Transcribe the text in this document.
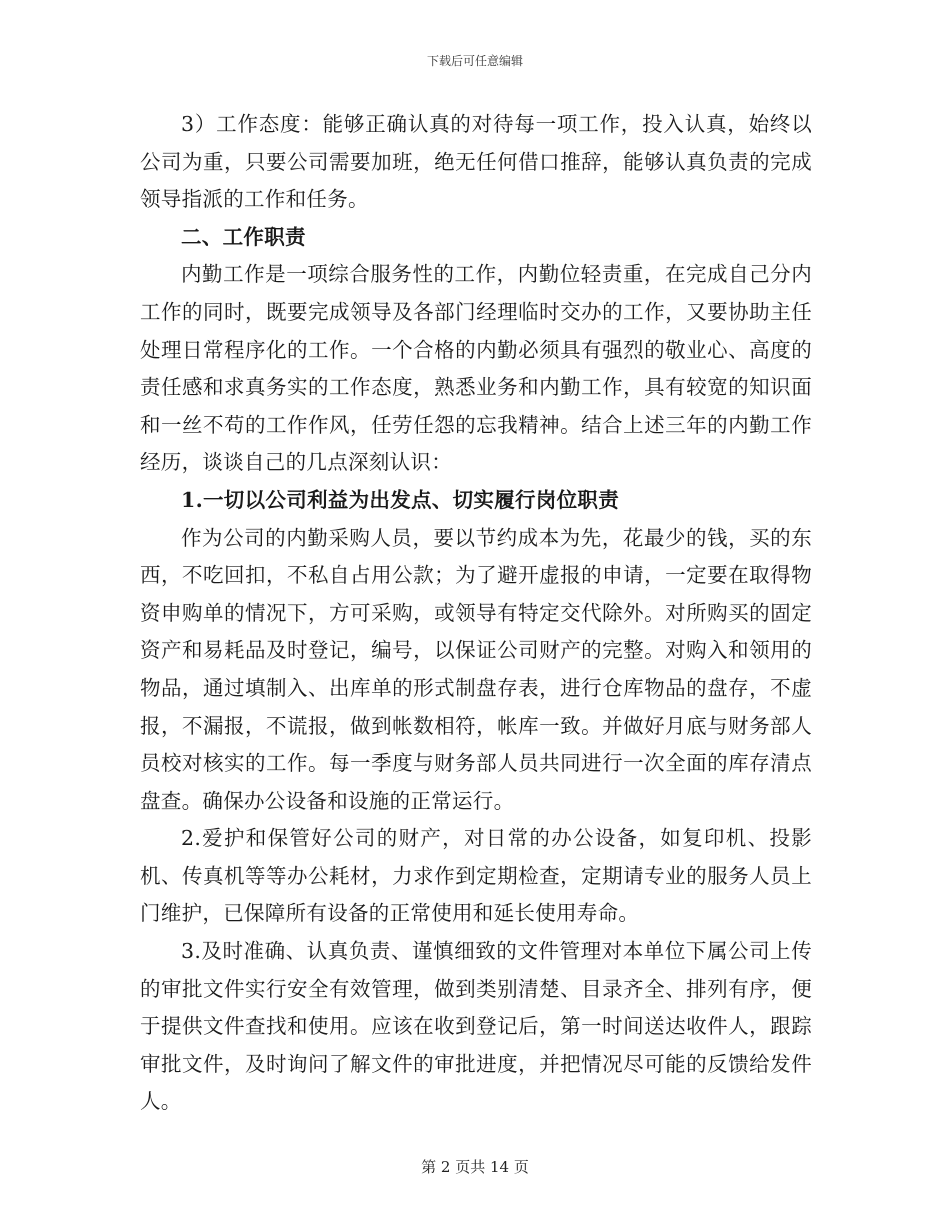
下载后可任意编辑

3）工作态度：能够正确认真的对待每一项工作，投入认真，始终以公司为重，只要公司需要加班，绝无任何借口推辞，能够认真负责的完成领导指派的工作和任务。

二、工作职责

内勤工作是一项综合服务性的工作，内勤位轻责重，在完成自己分内工作的同时，既要完成领导及各部门经理临时交办的工作，又要协助主任处理日常程序化的工作。一个合格的内勤必须具有强烈的敬业心、高度的责任感和求真务实的工作态度，熟悉业务和内勤工作，具有较宽的知识面和一丝不苟的工作作风，任劳任怨的忘我精神。结合上述三年的内勤工作经历，谈谈自己的几点深刻认识：

1.一切以公司利益为出发点、切实履行岗位职责

作为公司的内勤采购人员，要以节约成本为先，花最少的钱，买的东西，不吃回扣，不私自占用公款；为了避开虚报的申请，一定要在取得物资申购单的情况下，方可采购，或领导有特定交代除外。对所购买的固定资产和易耗品及时登记，编号，以保证公司财产的完整。对购入和领用的物品，通过填制入、出库单的形式制盘存表，进行仓库物品的盘存，不虚报，不漏报，不谎报，做到帐数相符，帐库一致。并做好月底与财务部人员校对核实的工作。每一季度与财务部人员共同进行一次全面的库存清点盘查。确保办公设备和设施的正常运行。

2.爱护和保管好公司的财产，对日常的办公设备，如复印机、投影机、传真机等等办公耗材，力求作到定期检查，定期请专业的服务人员上门维护，已保障所有设备的正常使用和延长使用寿命。

3.及时准确、认真负责、谨慎细致的文件管理对本单位下属公司上传的审批文件实行安全有效管理，做到类别清楚、目录齐全、排列有序，便于提供文件查找和使用。应该在收到登记后，第一时间送达收件人，跟踪审批文件，及时询问了解文件的审批进度，并把情况尽可能的反馈给发件人。

第 2 页共 14 页
